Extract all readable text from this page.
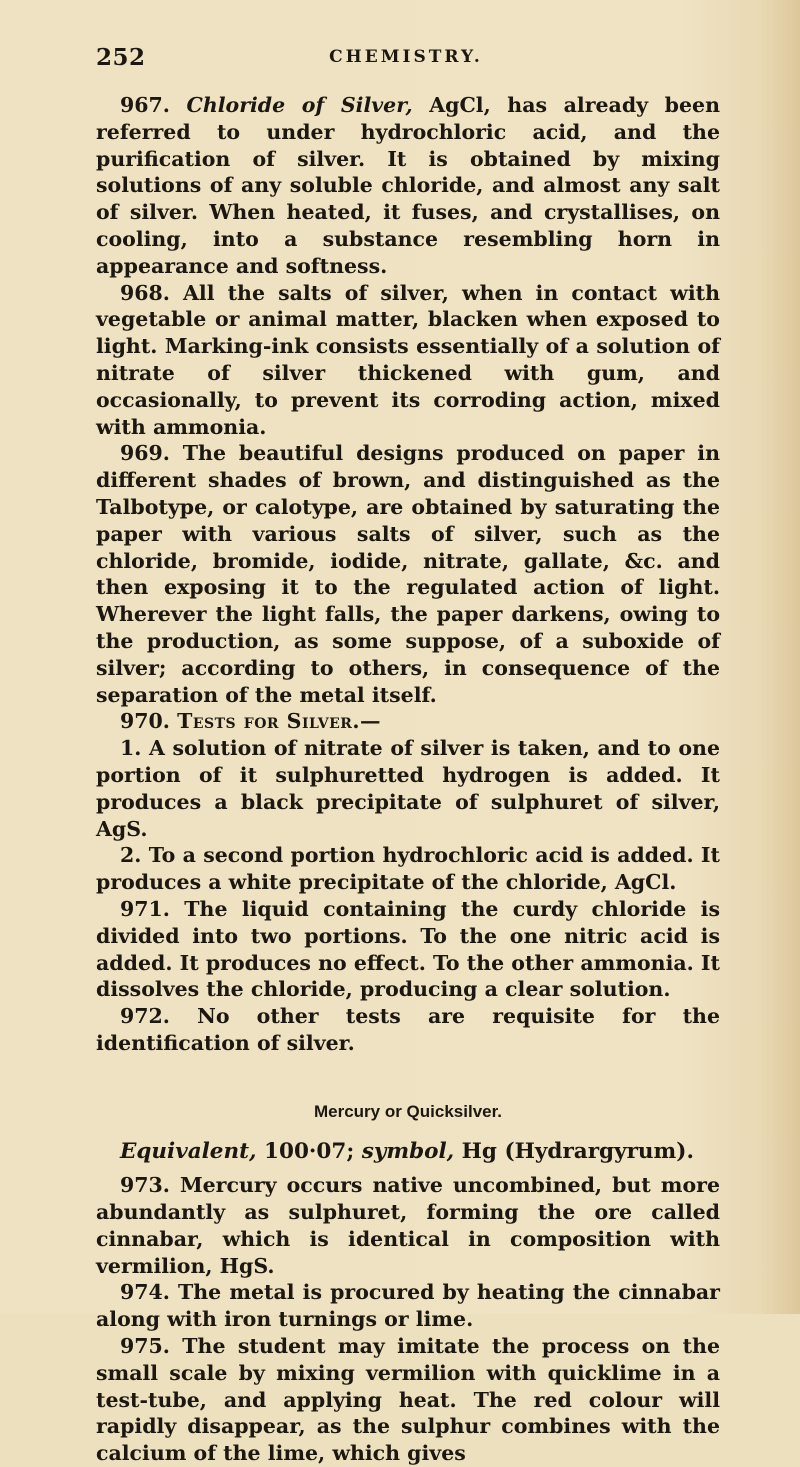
252	CHEMISTRY.

967. Chloride of Silver, AgCl, has already been referred to under hydrochloric acid, and the purification of silver. It is obtained by mixing solutions of any soluble chloride, and almost any salt of silver. When heated, it fuses, and crystallises, on cooling, into a substance resembling horn in appearance and softness.

968. All the salts of silver, when in contact with vegetable or animal matter, blacken when exposed to light. Marking-ink consists essentially of a solution of nitrate of silver thickened with gum, and occasionally, to prevent its corroding action, mixed with ammonia.

969. The beautiful designs produced on paper in different shades of brown, and distinguished as the Talbotype, or calotype, are obtained by saturating the paper with various salts of silver, such as the chloride, bromide, iodide, nitrate, gallate, &c. and then exposing it to the regulated action of light. Wherever the light falls, the paper darkens, owing to the production, as some suppose, of a suboxide of silver; according to others, in consequence of the separation of the metal itself.

970. Tests for Silver.—

1. A solution of nitrate of silver is taken, and to one portion of it sulphuretted hydrogen is added. It produces a black precipitate of sulphuret of silver, AgS.

2. To a second portion hydrochloric acid is added. It produces a white precipitate of the chloride, AgCl.

971. The liquid containing the curdy chloride is divided into two portions. To the one nitric acid is added. It produces no effect. To the other ammonia. It dissolves the chloride, producing a clear solution.

972. No other tests are requisite for the identification of silver.

Mercury or Quicksilver.

Equivalent, 100·07; symbol, Hg (Hydrargyrum).

973. Mercury occurs native uncombined, but more abundantly as sulphuret, forming the ore called cinnabar, which is identical in composition with vermilion, HgS.

974. The metal is procured by heating the cinnabar along with iron turnings or lime.

975. The student may imitate the process on the small scale by mixing vermilion with quicklime in a test-tube, and applying heat. The red colour will rapidly disappear, as the sulphur combines with the calcium of the lime, which gives
